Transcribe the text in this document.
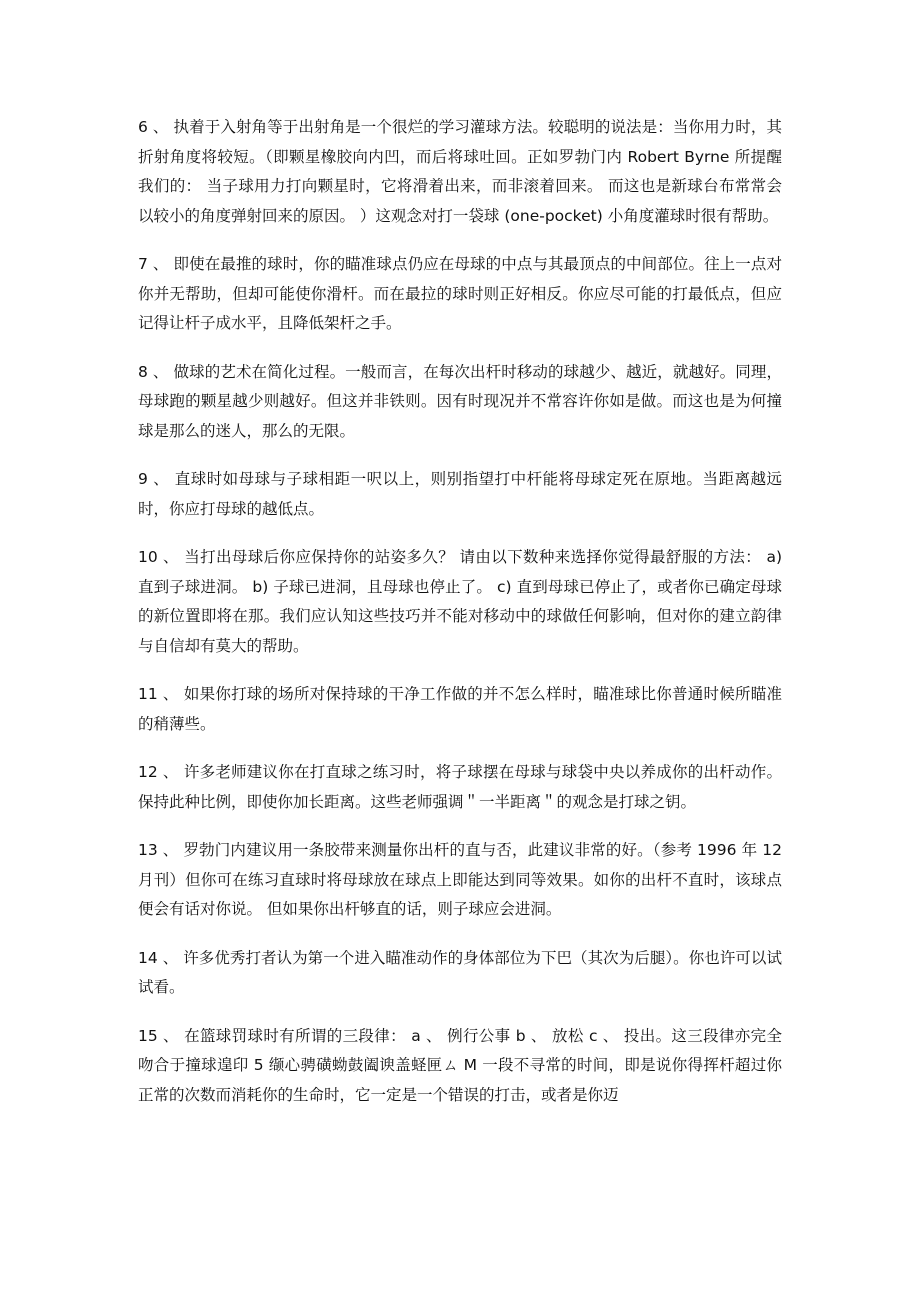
6 、 执着于入射角等于出射角是一个很烂的学习灌球方法。较聪明的说法是：当你用力时，其折射角度将较短。（即颗星橡胶向内凹，而后将球吐回。正如罗勃门内 Robert Byrne 所提醒我们的： 当子球用力打向颗星时，它将滑着出来，而非滚着回来。 而这也是新球台布常常会以较小的角度弹射回来的原因。 ）这观念对打一袋球 (one-pocket) 小角度灌球时很有帮助。

7 、 即使在最推的球时，你的瞄准球点仍应在母球的中点与其最顶点的中间部位。往上一点对你并无帮助，但却可能使你滑杆。而在最拉的球时则正好相反。你应尽可能的打最低点，但应记得让杆子成水平，且降低架杆之手。

8 、 做球的艺术在简化过程。一般而言，在每次出杆时移动的球越少、越近，就越好。同理，母球跑的颗星越少则越好。但这并非铁则。因有时现况并不常容许你如是做。而这也是为何撞球是那么的迷人，那么的无限。

9 、 直球时如母球与子球相距一呎以上，则别指望打中杆能将母球定死在原地。当距离越远时，你应打母球的越低点。

10 、 当打出母球后你应保持你的站姿多久？ 请由以下数种来选择你觉得最舒服的方法： a) 直到子球进洞。 b) 子球已进洞，且母球也停止了。 c) 直到母球已停止了，或者你已确定母球的新位置即将在那。我们应认知这些技巧并不能对移动中的球做任何影响，但对你的建立韵律与自信却有莫大的帮助。

11 、 如果你打球的场所对保持球的干净工作做的并不怎么样时，瞄准球比你普通时候所瞄准的稍薄些。

12 、 许多老师建议你在打直球之练习时，将子球摆在母球与球袋中央以养成你的出杆动作。 保持此种比例，即使你加长距离。这些老师强调＂一半距离＂的观念是打球之钥。

13 、 罗勃门内建议用一条胶带来测量你出杆的直与否，此建议非常的好。（参考 1996 年 12 月刊）但你可在练习直球时将母球放在球点上即能达到同等效果。如你的出杆不直时，该球点便会有话对你说。 但如果你出杆够直的话，则子球应会进洞。

14 、 许多优秀打者认为第一个进入瞄准动作的身体部位为下巴（其次为后腿）。你也许可以试试看。

15 、 在篮球罚球时有所谓的三段律： a 、 例行公事 b 、 放松 c 、 投出。这三段律亦完全吻合于撞球遑印 5 缬心骋磺蚴鼓阖谀盖蛏匣ㄙ M 一段不寻常的时间，即是说你得挥杆超过你正常的次数而消耗你的生命时，它一定是一个错误的打击，或者是你迈
